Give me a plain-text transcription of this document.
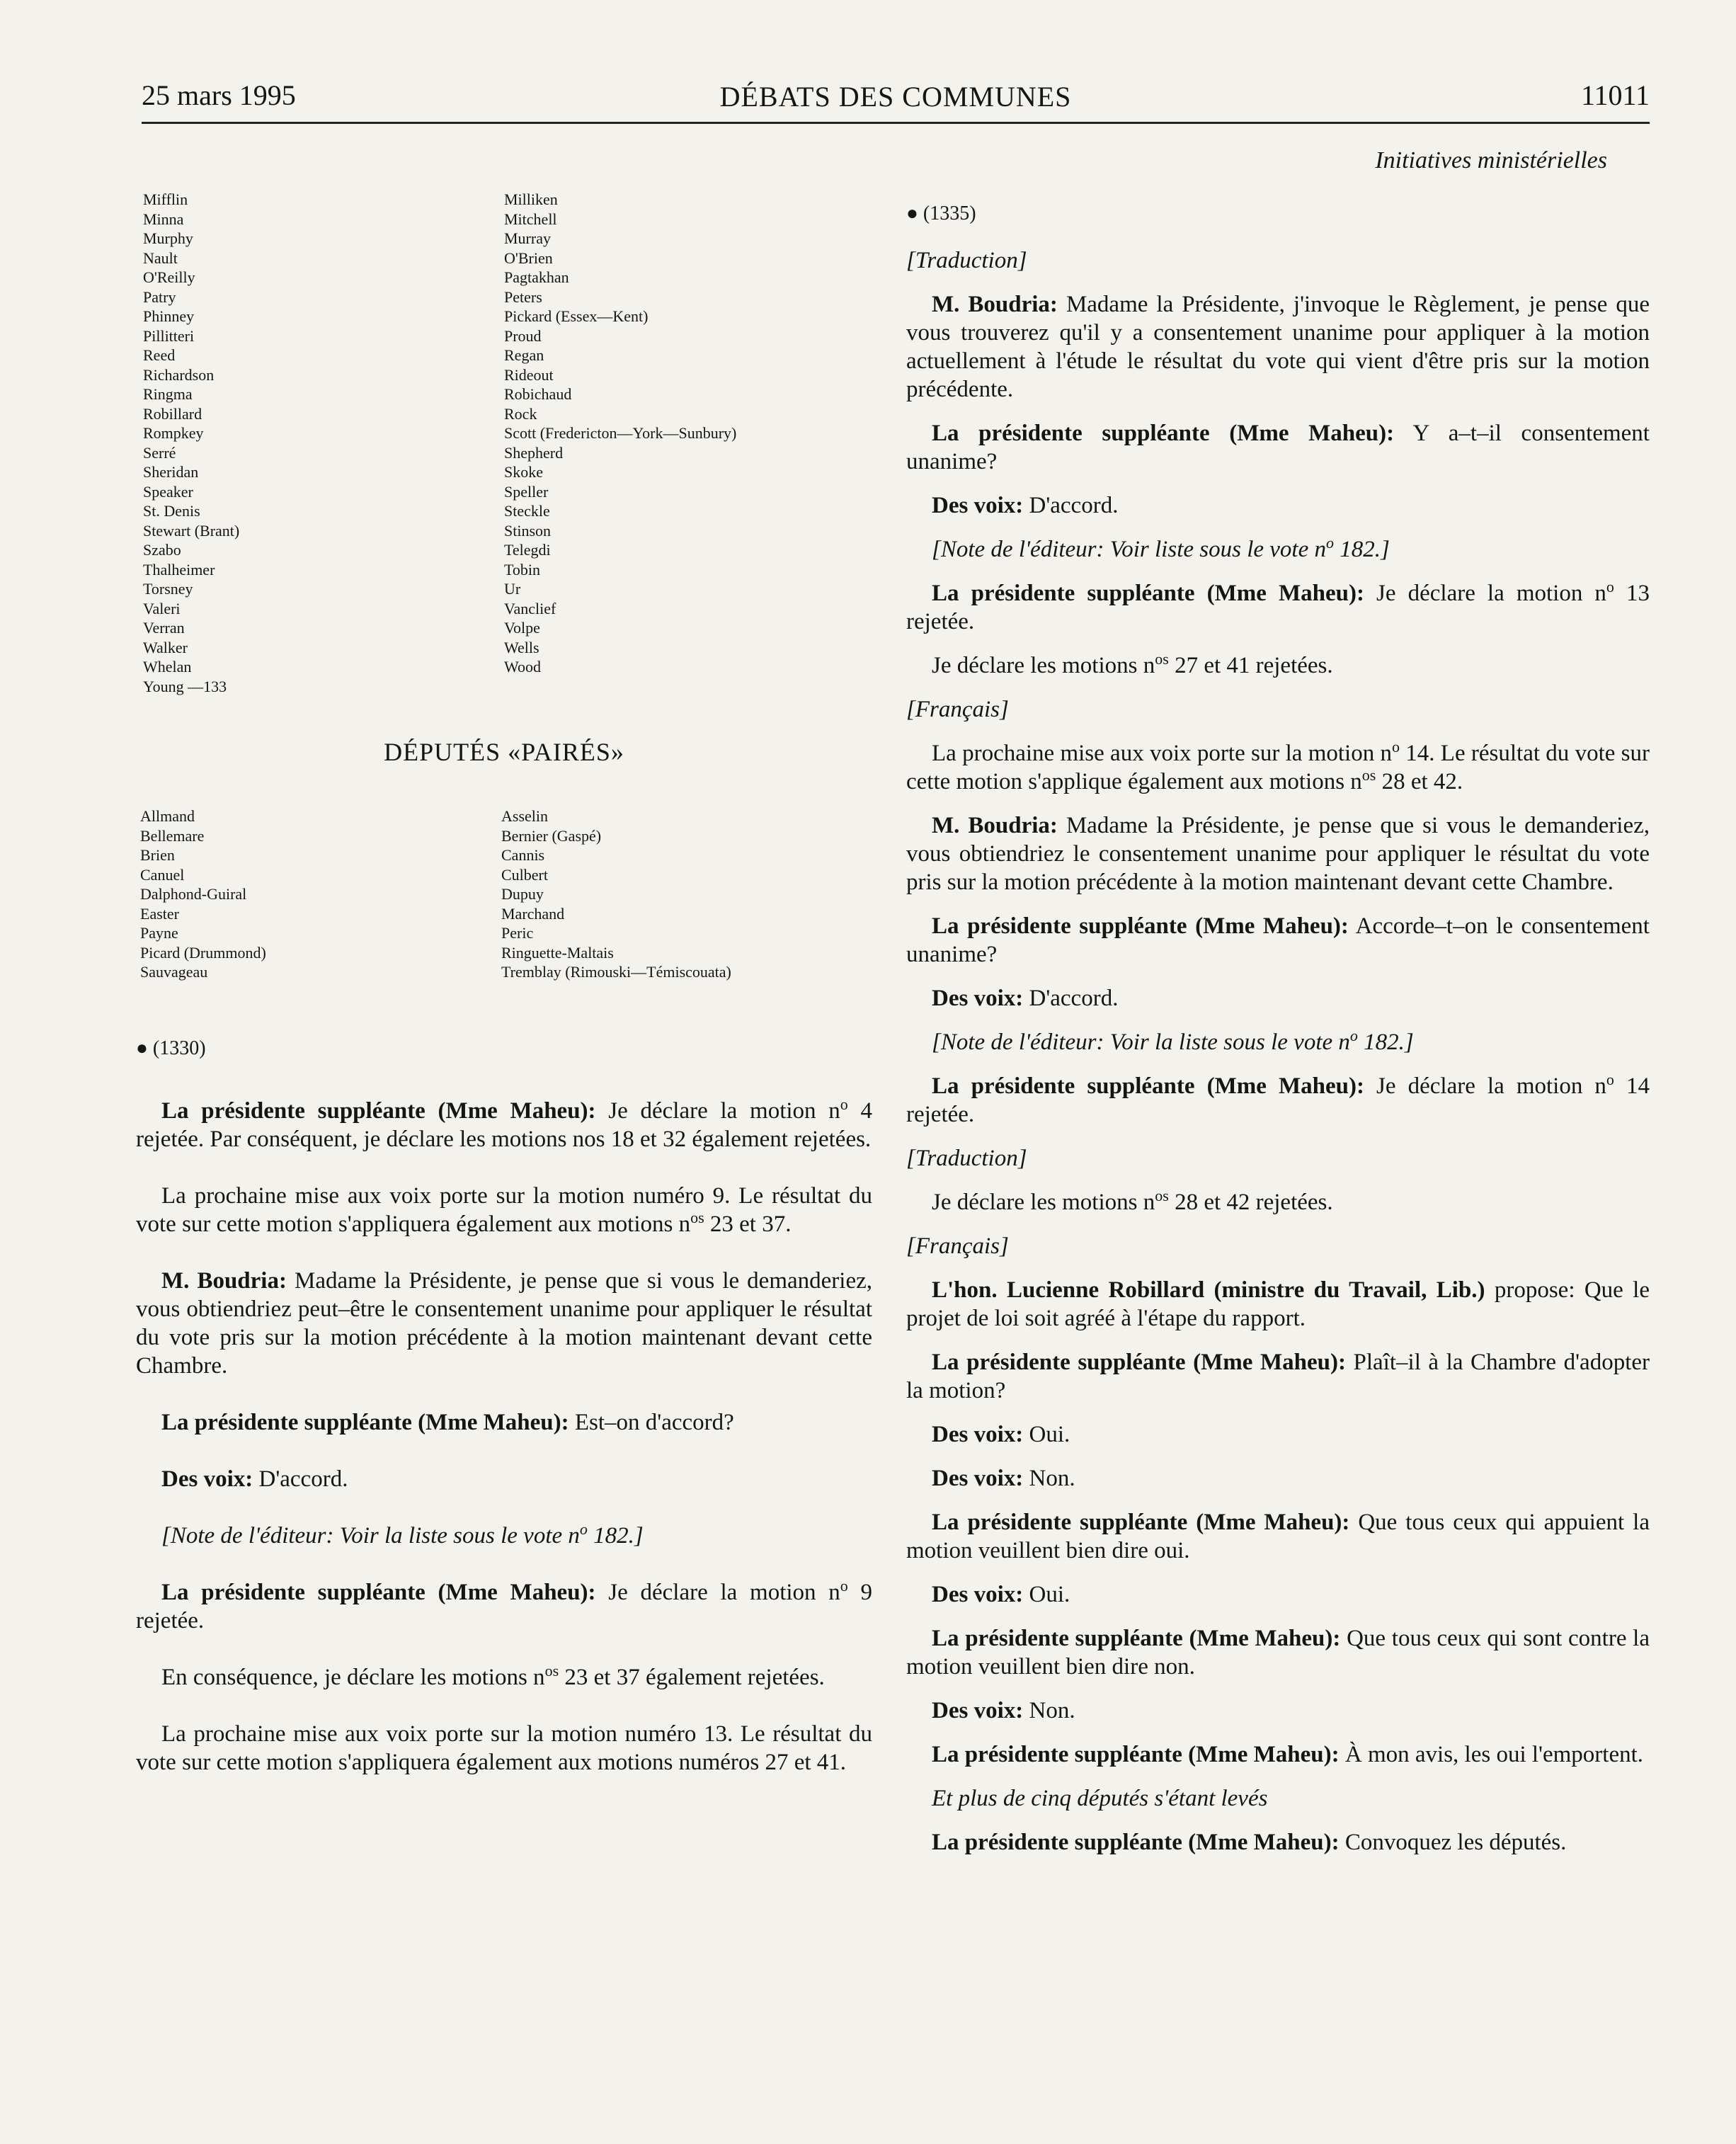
25 mars 1995	DÉBATS DES COMMUNES	11011
Mifflin
Minna
Murphy
Nault
O'Reilly
Patry
Phinney
Pillitteri
Reed
Richardson
Ringma
Robillard
Rompkey
Serré
Sheridan
Speaker
St. Denis
Stewart (Brant)
Szabo
Thalheimer
Torsney
Valeri
Verran
Walker
Whelan
Young —133
Milliken
Mitchell
Murray
O'Brien
Pagtakhan
Peters
Pickard (Essex—Kent)
Proud
Regan
Rideout
Robichaud
Rock
Scott (Fredericton—York—Sunbury)
Shepherd
Skoke
Speller
Steckle
Stinson
Telegdi
Tobin
Ur
Vanclief
Volpe
Wells
Wood
DÉPUTÉS «PAIRÉS»
Allmand
Bellemare
Brien
Canuel
Dalphond-Guiral
Easter
Payne
Picard (Drummond)
Sauvageau
Asselin
Bernier (Gaspé)
Cannis
Culbert
Dupuy
Marchand
Peric
Ringuette-Maltais
Tremblay (Rimouski—Témiscouata)

● (1330)

La présidente suppléante (Mme Maheu): Je déclare la motion $n^o$ 4 rejetée. Par conséquent, je déclare les motions nos 18 et 32 également rejetées.

La prochaine mise aux voix porte sur la motion numéro 9. Le résultat du vote sur cette motion s'appliquera également aux motions $n^{os}$ 23 et 37.

M. Boudria: Madame la Présidente, je pense que si vous le demanderiez, vous obtiendriez peut–être le consentement unanime pour appliquer le résultat du vote pris sur la motion précédente à la motion maintenant devant cette Chambre.

La présidente suppléante (Mme Maheu): Est–on d'accord?

Des voix: D'accord.

[Note de l'éditeur: Voir la liste sous le vote $n^o$ 182.]

La présidente suppléante (Mme Maheu): Je déclare la motion $n^o$ 9 rejetée.

En conséquence, je déclare les motions $n^{os}$ 23 et 37 également rejetées.

La prochaine mise aux voix porte sur la motion numéro 13. Le résultat du vote sur cette motion s'appliquera également aux motions numéros 27 et 41.

Initiatives ministérielles

● (1335)

[Traduction]

M. Boudria: Madame la Présidente, j'invoque le Règlement, je pense que vous trouverez qu'il y a consentement unanime pour appliquer à la motion actuellement à l'étude le résultat du vote qui vient d'être pris sur la motion précédente.

La présidente suppléante (Mme Maheu): Y a–t–il consentement unanime?

Des voix: D'accord.

[Note de l'éditeur: Voir liste sous le vote $n^o$ 182.]

La présidente suppléante (Mme Maheu): Je déclare la motion $n^o$ 13 rejetée.

Je déclare les motions $n^{os}$ 27 et 41 rejetées.

[Français]

La prochaine mise aux voix porte sur la motion $n^o$ 14. Le résultat du vote sur cette motion s'applique également aux motions $n^{os}$ 28 et 42.

M. Boudria: Madame la Présidente, je pense que si vous le demanderiez, vous obtiendriez le consentement unanime pour appliquer le résultat du vote pris sur la motion précédente à la motion maintenant devant cette Chambre.

La présidente suppléante (Mme Maheu): Accorde–t–on le consentement unanime?

Des voix: D'accord.

[Note de l'éditeur: Voir la liste sous le vote $n^o$ 182.]

La présidente suppléante (Mme Maheu): Je déclare la motion $n^o$ 14 rejetée.

[Traduction]

Je déclare les motions $n^{os}$ 28 et 42 rejetées.

[Français]

L'hon. Lucienne Robillard (ministre du Travail, Lib.) propose: Que le projet de loi soit agréé à l'étape du rapport.

La présidente suppléante (Mme Maheu): Plaît–il à la Chambre d'adopter la motion?

Des voix: Oui.

Des voix: Non.

La présidente suppléante (Mme Maheu): Que tous ceux qui appuient la motion veuillent bien dire oui.

Des voix: Oui.

La présidente suppléante (Mme Maheu): Que tous ceux qui sont contre la motion veuillent bien dire non.

Des voix: Non.

La présidente suppléante (Mme Maheu): À mon avis, les oui l'emportent.

Et plus de cinq députés s'étant levés

La présidente suppléante (Mme Maheu): Convoquez les députés.
